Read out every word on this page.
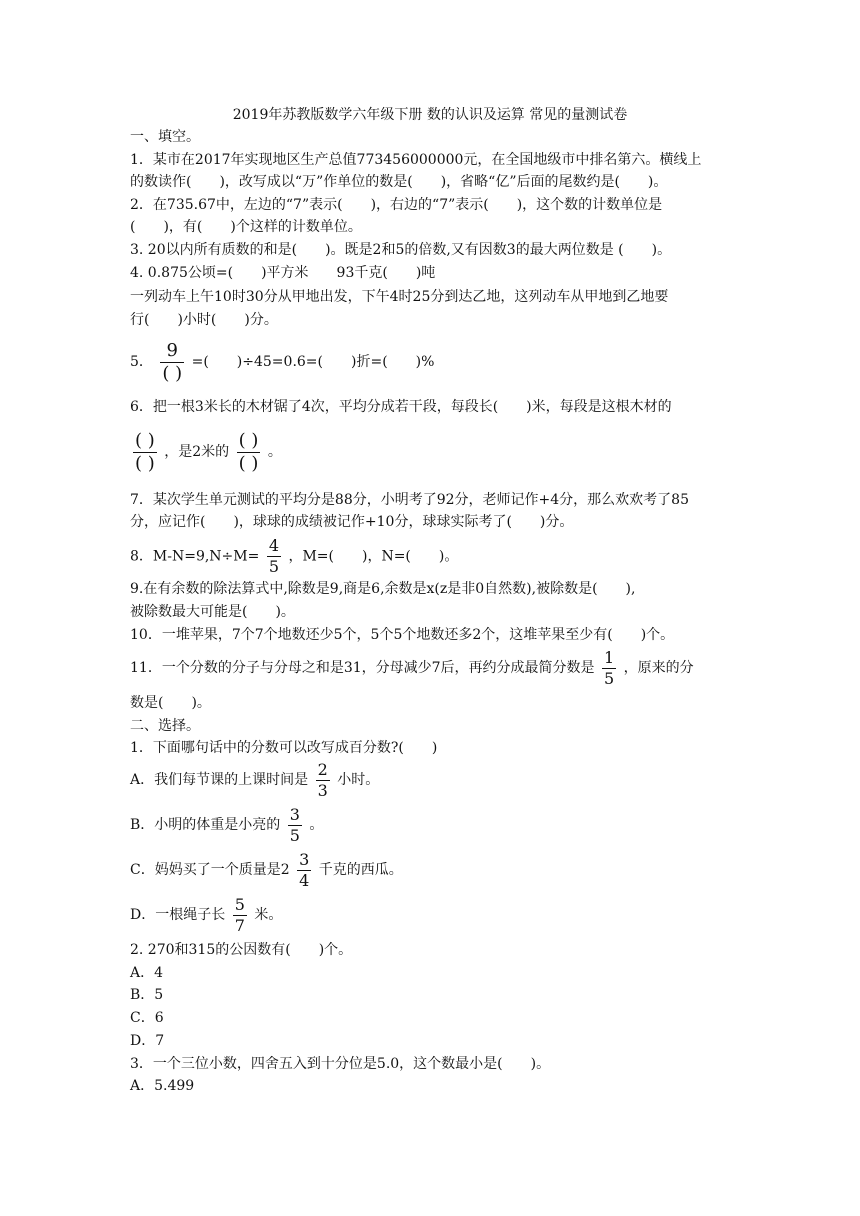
2019年苏教版数学六年级下册 数的认识及运算 常见的量测试卷
一、填空。
1．某市在2017年实现地区生产总值773456000000元，在全国地级市中排名第六。横线上
的数读作(　　)，改写成以“万”作单位的数是(　　)，省略“亿”后面的尾数约是(　　)。
2．在735.67中，左边的“7”表示(　　)，右边的“7”表示(　　)，这个数的计数单位是
(　　)，有(　　)个这样的计数单位。
3. 20以内所有质数的和是(　　)。既是2和5的倍数,又有因数3的最大两位数是 (　　)。
4. 0.875公顷=(　　)平方米　　93千克(　　)吨
一列动车上午10时30分从甲地出发，下午4时25分到达乙地，这列动车从甲地到乙地要
行(　　)小时(　　)分。
5． $\frac{9}{( )}$ =(　　)÷45=0.6=(　　)折=(　　)%
6．把一根3米长的木材锯了4次，平均分成若干段，每段长(　　)米，每段是这根木材的
$\frac{( )}{( )}$ ，是2米的 $\frac{( )}{( )}$ 。
7．某次学生单元测试的平均分是88分，小明考了92分，老师记作+4分，那么欢欢考了85
分，应记作(　　)，球球的成绩被记作+10分，球球实际考了(　　)分。
8．$M-N=9,N\div M= \frac{4}{5}$ ，M=(　　)，N=(　　)。
9.在有余数的除法算式中,除数是9,商是6,余数是x(z是非0自然数),被除数是(　　),
被除数最大可能是(　　)。
10．一堆苹果，7个7个地数还少5个，5个5个地数还多2个，这堆苹果至少有(　　)个。
11．一个分数的分子与分母之和是31，分母减少7后，再约分成最简分数是 $\frac{1}{5}$ ，原来的分
数是(　　)。
二、选择。
1．下面哪句话中的分数可以改写成百分数?(　　)
A．我们每节课的上课时间是 $\frac{2}{3}$ 小时。
B．小明的体重是小亮的 $\frac{3}{5}$ 。
C．妈妈买了一个质量是$2 \frac{3}{4}$ 千克的西瓜。
D．一根绳子长 $\frac{5}{7}$ 米。
2. 270和315的公因数有(　　)个。
A．4
B．5
C．6
D．7
3．一个三位小数，四舍五入到十分位是5.0，这个数最小是(　　)。
A．5.499
